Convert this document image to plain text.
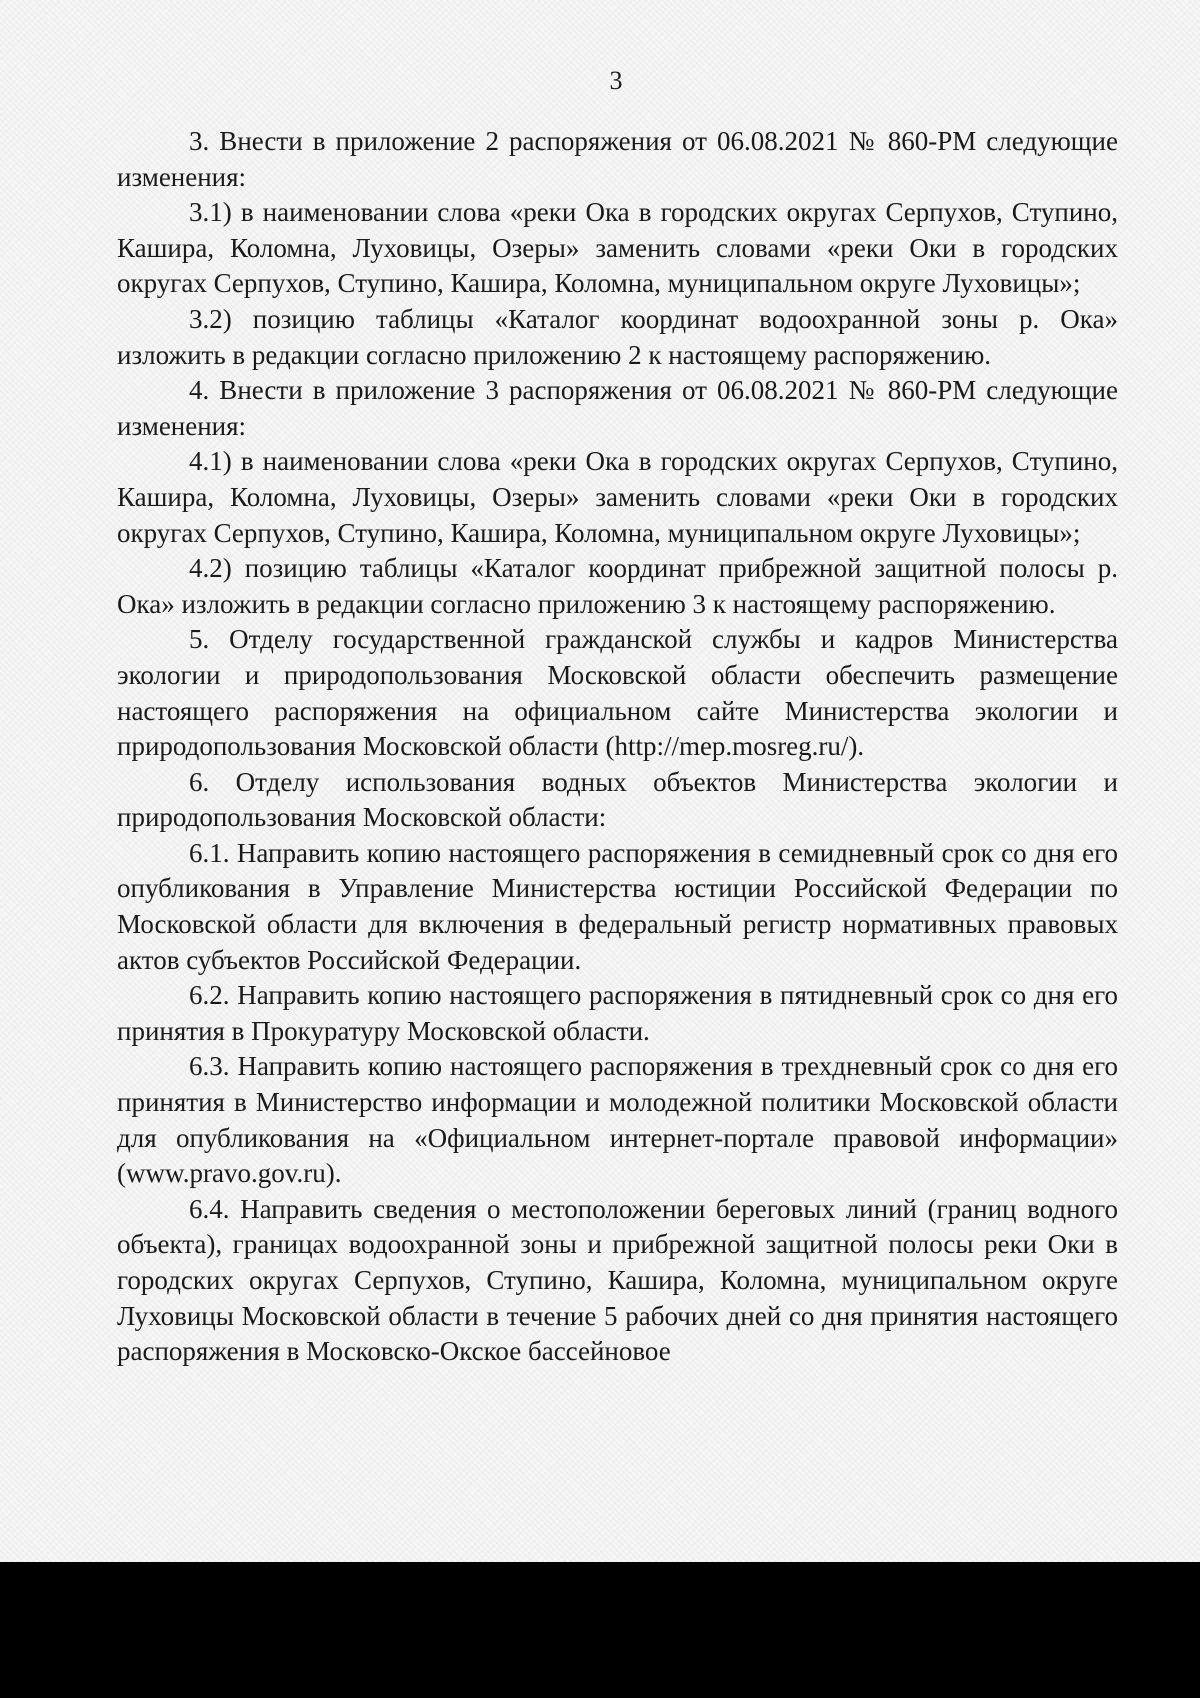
3

3. Внести в приложение 2 распоряжения от 06.08.2021 № 860-РМ следующие изменения:

3.1) в наименовании слова «реки Ока в городских округах Серпухов, Ступино, Кашира, Коломна, Луховицы, Озеры» заменить словами «реки Оки в городских округах Серпухов, Ступино, Кашира, Коломна, муниципальном округе Луховицы»;

3.2) позицию таблицы «Каталог координат водоохранной зоны р. Ока» изложить в редакции согласно приложению 2 к настоящему распоряжению.

4. Внести в приложение 3 распоряжения от 06.08.2021 № 860-РМ следующие изменения:

4.1) в наименовании слова «реки Ока в городских округах Серпухов, Ступино, Кашира, Коломна, Луховицы, Озеры» заменить словами «реки Оки в городских округах Серпухов, Ступино, Кашира, Коломна, муниципальном округе Луховицы»;

4.2) позицию таблицы «Каталог координат прибрежной защитной полосы р. Ока» изложить в редакции согласно приложению 3 к настоящему распоряжению.

5. Отделу государственной гражданской службы и кадров Министерства экологии и природопользования Московской области обеспечить размещение настоящего распоряжения на официальном сайте Министерства экологии и природопользования Московской области (http://mep.mosreg.ru/).

6. Отделу использования водных объектов Министерства экологии и природопользования Московской области:

6.1. Направить копию настоящего распоряжения в семидневный срок со дня его опубликования в Управление Министерства юстиции Российской Федерации по Московской области для включения в федеральный регистр нормативных правовых актов субъектов Российской Федерации.

6.2. Направить копию настоящего распоряжения в пятидневный срок со дня его принятия в Прокуратуру Московской области.

6.3. Направить копию настоящего распоряжения в трехдневный срок со дня его принятия в Министерство информации и молодежной политики Московской области для опубликования на «Официальном интернет-портале правовой информации» (www.pravo.gov.ru).

6.4. Направить сведения о местоположении береговых линий (границ водного объекта), границах водоохранной зоны и прибрежной защитной полосы реки Оки в городских округах Серпухов, Ступино, Кашира, Коломна, муниципальном округе Луховицы Московской области в течение 5 рабочих дней со дня принятия настоящего распоряжения в Московско-Окское бассейновое
